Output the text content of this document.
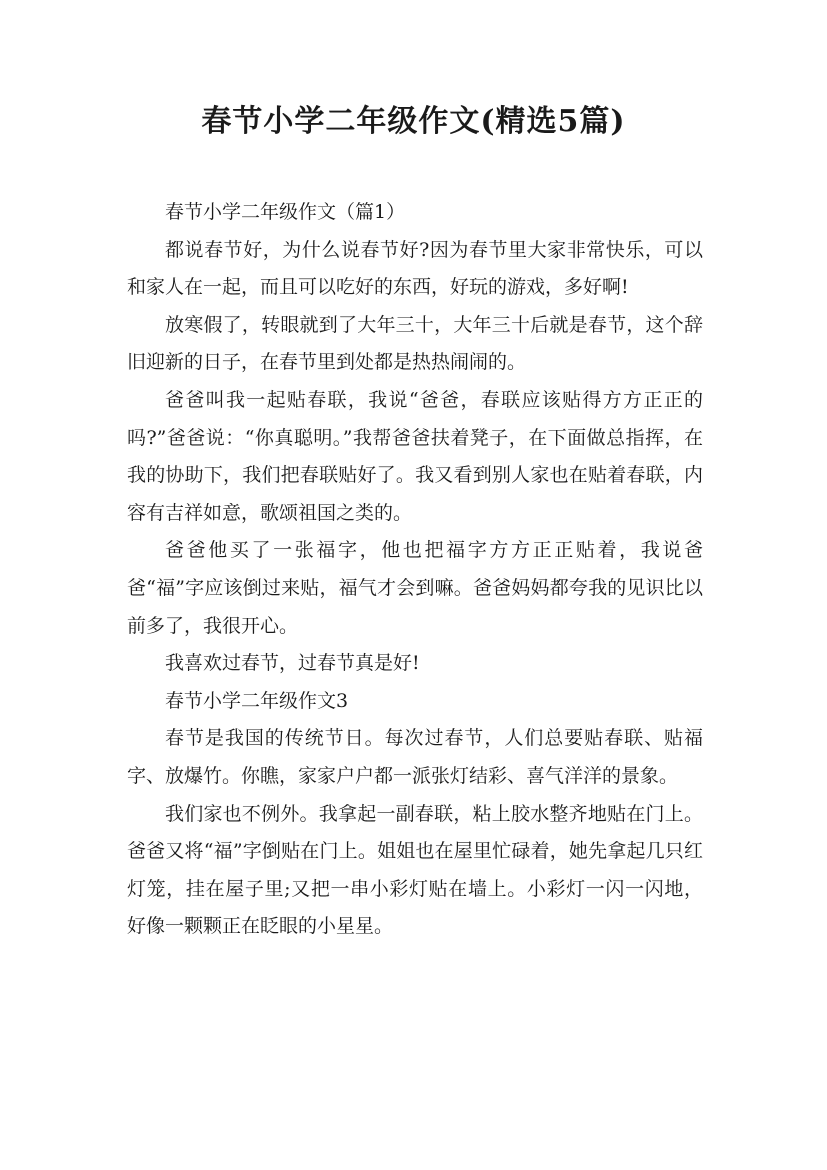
春节小学二年级作文(精选5篇)

春节小学二年级作文（篇1）

都说春节好，为什么说春节好?因为春节里大家非常快乐，可以和家人在一起，而且可以吃好的东西，好玩的游戏，多好啊!

放寒假了，转眼就到了大年三十，大年三十后就是春节，这个辞旧迎新的日子，在春节里到处都是热热闹闹的。

爸爸叫我一起贴春联，我说“爸爸，春联应该贴得方方正正的吗?”爸爸说：“你真聪明。”我帮爸爸扶着凳子，在下面做总指挥，在我的协助下，我们把春联贴好了。我又看到别人家也在贴着春联，内容有吉祥如意，歌颂祖国之类的。

爸爸他买了一张福字，他也把福字方方正正贴着，我说爸爸“福”字应该倒过来贴，福气才会到嘛。爸爸妈妈都夸我的见识比以前多了，我很开心。

我喜欢过春节，过春节真是好!

春节小学二年级作文3

春节是我国的传统节日。每次过春节，人们总要贴春联、贴福字、放爆竹。你瞧，家家户户都一派张灯结彩、喜气洋洋的景象。

我们家也不例外。我拿起一副春联，粘上胶水整齐地贴在门上。爸爸又将“福”字倒贴在门上。姐姐也在屋里忙碌着，她先拿起几只红灯笼，挂在屋子里;又把一串小彩灯贴在墙上。小彩灯一闪一闪地，好像一颗颗正在眨眼的小星星。
